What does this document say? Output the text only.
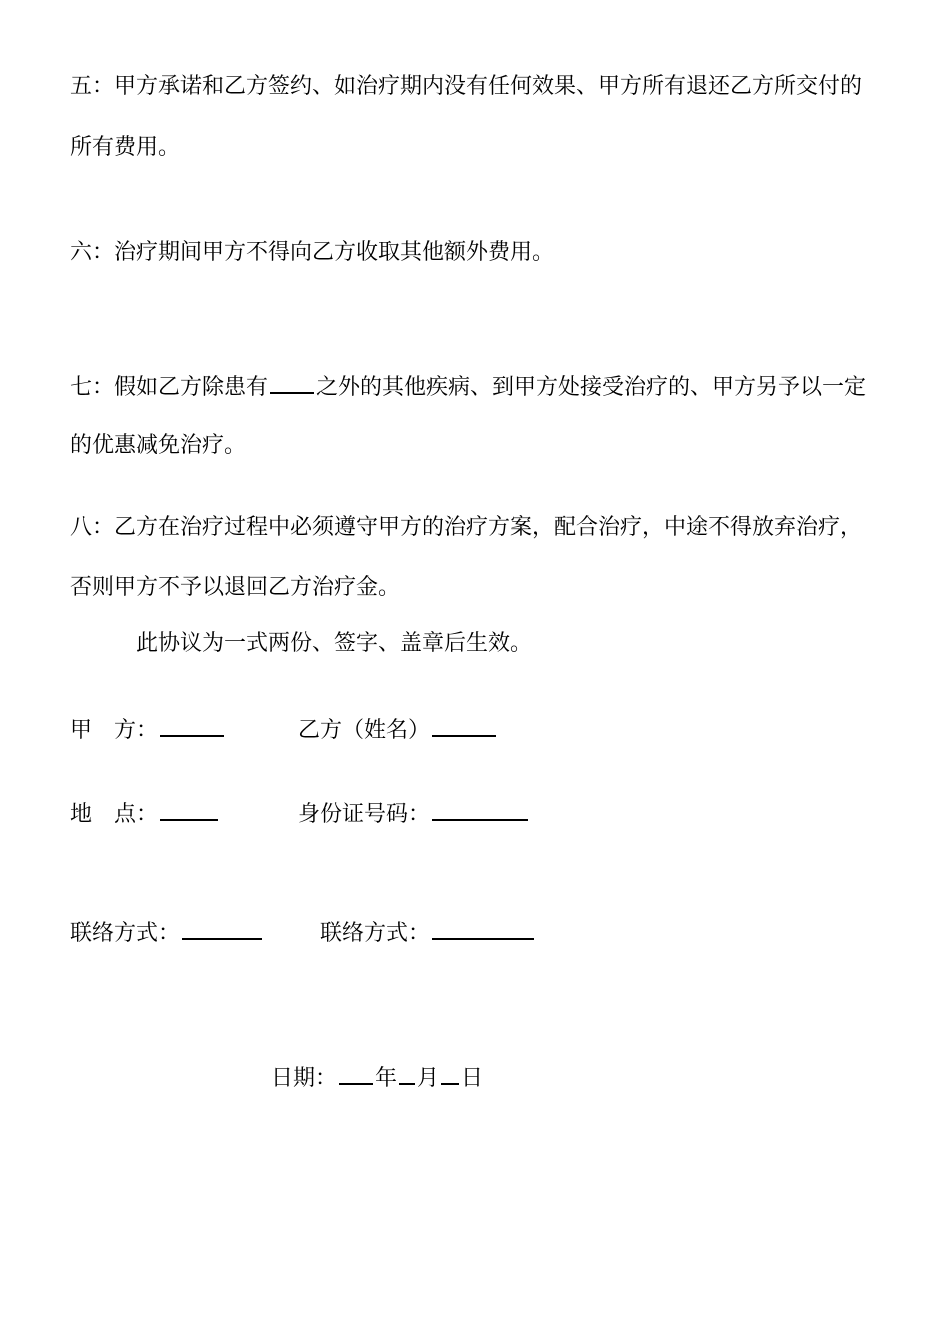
五：甲方承诺和乙方签约、如治疗期内没有任何效果、甲方所有退还乙方所交付的
所有费用。
六：治疗期间甲方不得向乙方收取其他额外费用。
七：假如乙方除患有 之外的其他疾病、到甲方处接受治疗的、甲方另予以一定
的优惠减免治疗。
八：乙方在治疗过程中必须遵守甲方的治疗方案，配合治疗，中途不得放弃治疗，
否则甲方不予以退回乙方治疗金。
此协议为一式两份、签字、盖章后生效。
甲　方：	乙方（姓名）
地　点：	身份证号码：
联络方式：	联络方式：
日期： 年 月 日
